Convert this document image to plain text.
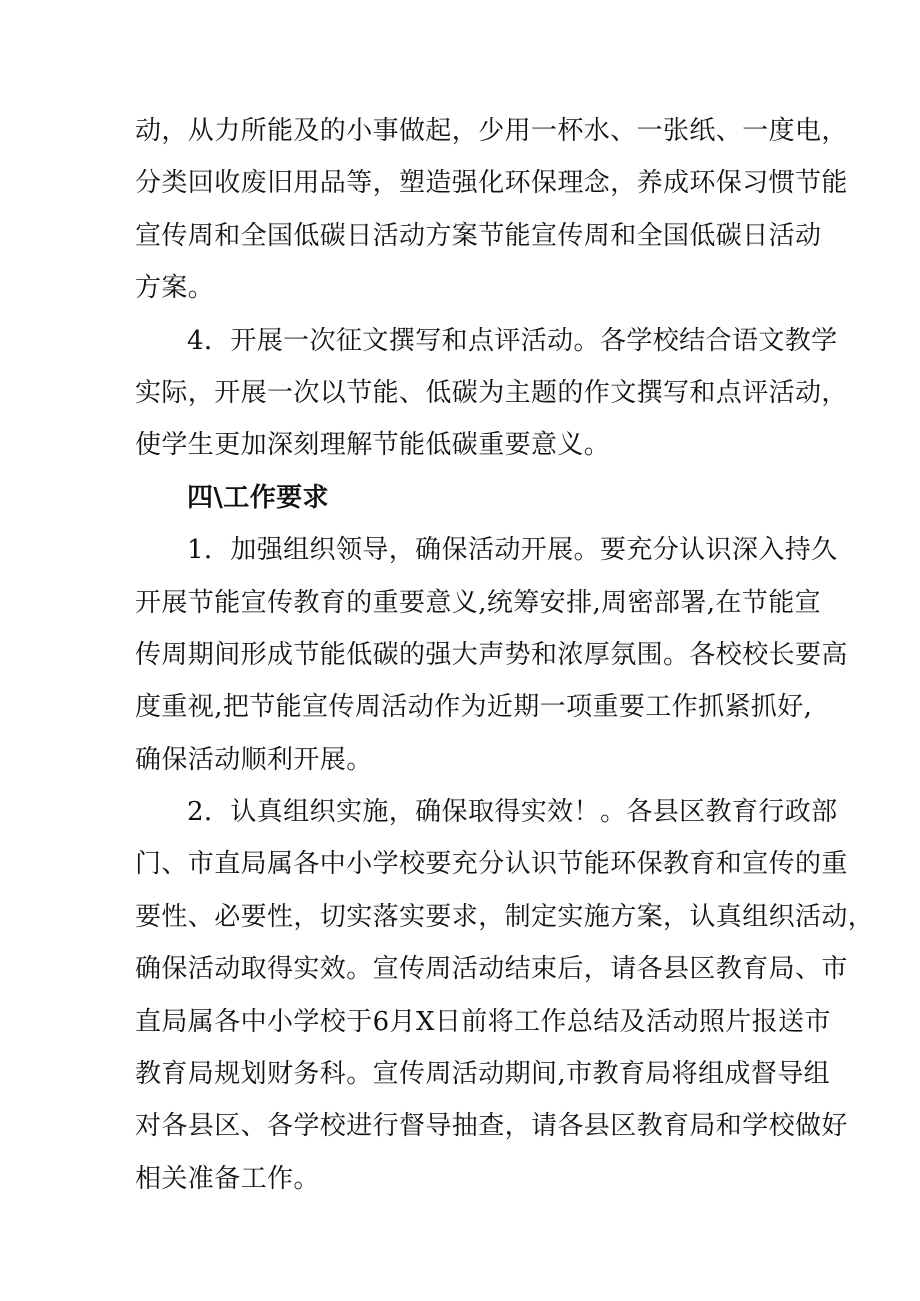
动，从力所能及的小事做起，少用一杯水、一张纸、一度电，
分类回收废旧用品等，塑造强化环保理念，养成环保习惯节能
宣传周和全国低碳日活动方案节能宣传周和全国低碳日活动
方案。
4．开展一次征文撰写和点评活动。各学校结合语文教学
实际，开展一次以节能、低碳为主题的作文撰写和点评活动，
使学生更加深刻理解节能低碳重要意义。
四\工作要求
1．加强组织领导，确保活动开展。要充分认识深入持久
开展节能宣传教育的重要意义,统筹安排,周密部署,在节能宣
传周期间形成节能低碳的强大声势和浓厚氛围。各校校长要高
度重视,把节能宣传周活动作为近期一项重要工作抓紧抓好,
确保活动顺利开展。
2．认真组织实施，确保取得实效！。各县区教育行政部
门、市直局属各中小学校要充分认识节能环保教育和宣传的重
要性、必要性，切实落实要求，制定实施方案，认真组织活动，
确保活动取得实效。宣传周活动结束后，请各县区教育局、市
直局属各中小学校于6月X日前将工作总结及活动照片报送市
教育局规划财务科。宣传周活动期间,市教育局将组成督导组
对各县区、各学校进行督导抽查，请各县区教育局和学校做好
相关准备工作。
